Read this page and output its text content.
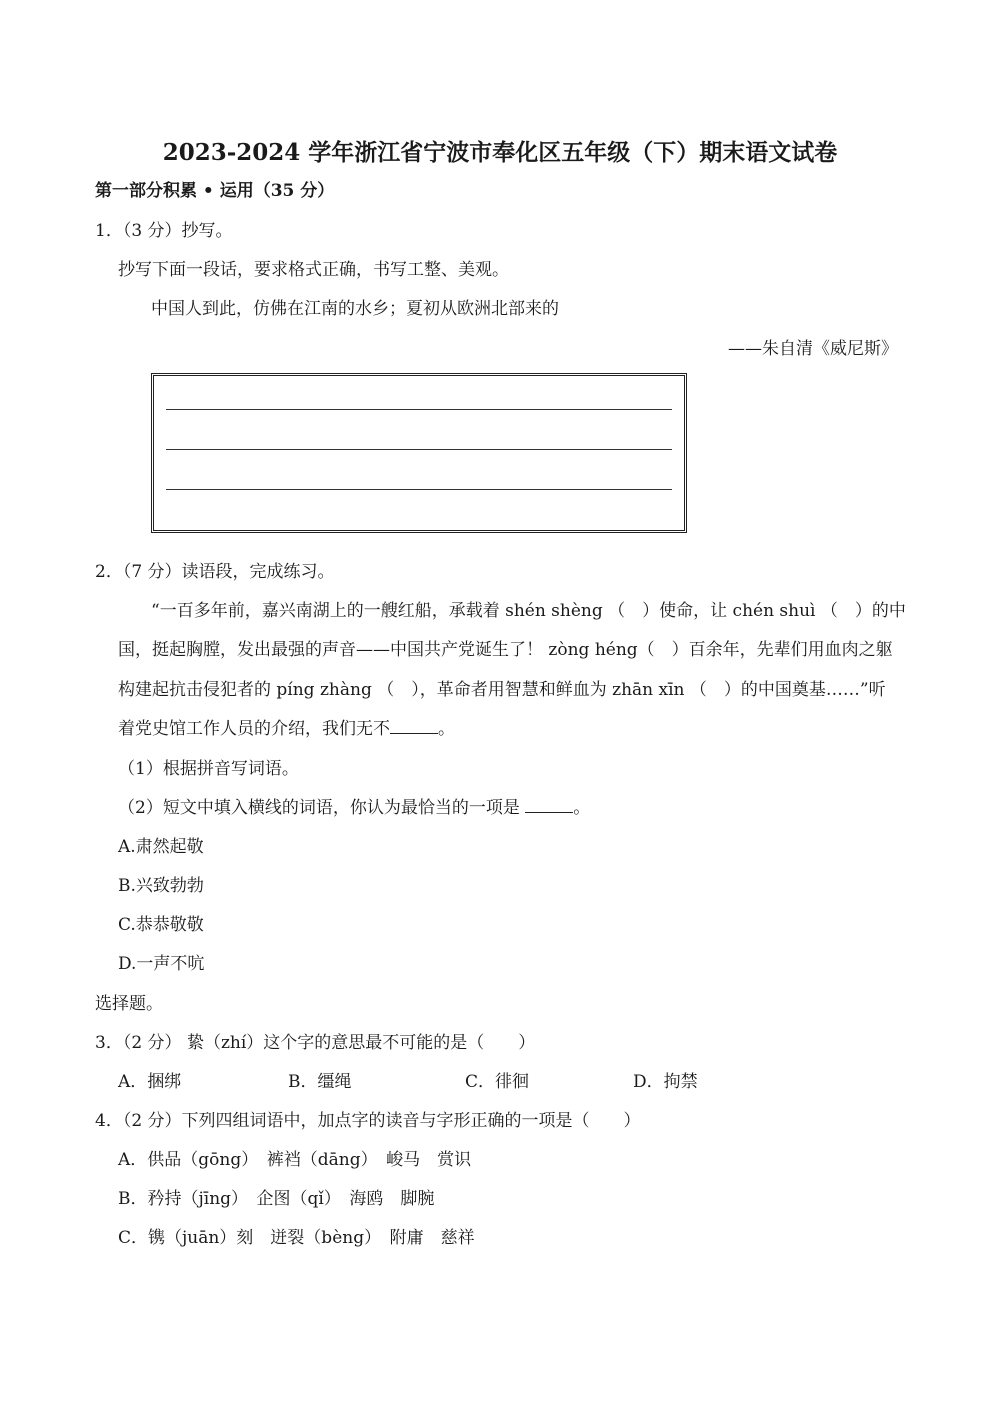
2023-2024 学年浙江省宁波市奉化区五年级（下）期末语文试卷
第一部分积累 • 运用（35 分）
1．（3 分）抄写。
抄写下面一段话，要求格式正确，书写工整、美观。
中国人到此，仿佛在江南的水乡；夏初从欧洲北部来的
——朱自清《威尼斯》
2．（7 分）读语段，完成练习。
“一百多年前，嘉兴南湖上的一艘红船，承载着 shén shèng （　）使命，让 chén shuì （　）的中
国，挺起胸膛，发出最强的声音——中国共产党诞生了！ zòng héng（　）百余年，先辈们用血肉之躯
构建起抗击侵犯者的 píng zhàng （　），革命者用智慧和鲜血为 zhān xīn （　）的中国奠基……”听
着党史馆工作人员的介绍，我们无不	。
（1）根据拼音写词语。
（2）短文中填入横线的词语，你认为最恰当的一项是	。
A.肃然起敬
B.兴致勃勃
C.恭恭敬敬
D.一声不吭
选择题。
3．（2 分） 絷（zhí）这个字的意思最不可能的是（　　）
A．捆绑	B．缰绳	C．徘徊	D．拘禁
4．（2 分）下列四组词语中，加点字的读音与字形正确的一项是（　　）
A．供品（gōng）　裤裆（dāng）　峻马　赏识
B．矜持（jīng）　企图（qǐ）　海鸥　脚腕
C．镌（juān）刻　迸裂（bèng）　附庸　慈祥
